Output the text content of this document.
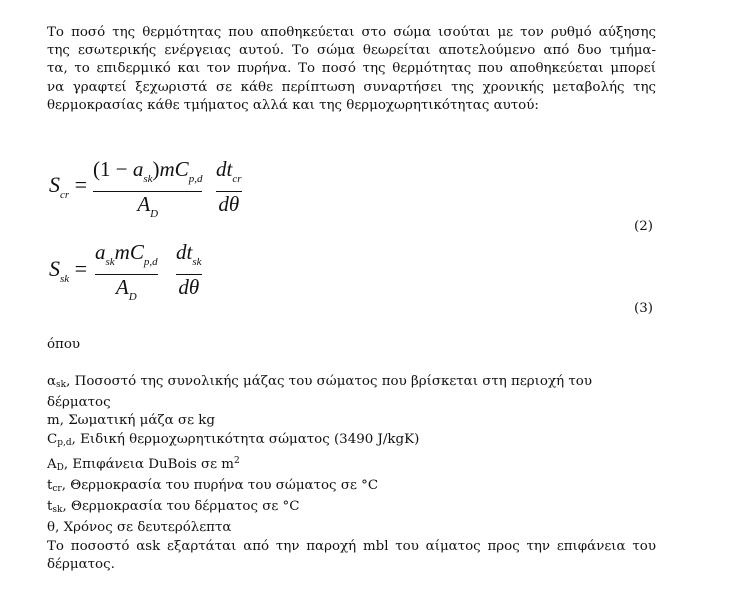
Το ποσό της θερμότητας που αποθηκεύεται στο σώμα ισούται με τον ρυθμό αύξησης
της εσωτερικής ενέργειας αυτού. Το σώμα θεωρείται αποτελούμενο από δυο τμήμα-
τα, το επιδερμικό και τον πυρήνα. Το ποσό της θερμότητας που αποθηκεύεται μπορεί
να γραφτεί ξεχωριστά σε κάθε περίπτωση συναρτήσει της χρονικής μεταβολής της
θερμοκρασίας κάθε τμήματος αλλά και της θερμοχωρητικότητας αυτού:
$S_{cr}$ =
$(1 - a_{sk})mC_{p,d}$
$A_D$
$dt_{cr}$
dθ
(2)
$S_{sk}$ =
$a_{sk}mC_{p,d}$
$A_D$
$dt_{sk}$
dθ
(3)
όπου
αsk, Ποσοστό της συνολικής μάζας του σώματος που βρίσκεται στη περιοχή του
δέρματος
m, Σωματική μάζα σε kg
Cp,d, Ειδική θερμοχωρητικότητα σώματος (3490 J/kgK)
AD, Επιφάνεια DuBois σε $m^2$
tcr, Θερμοκρασία του πυρήνα του σώματος σε °C
tsk, Θερμοκρασία του δέρματος σε °C
θ, Χρόνος σε δευτερόλεπτα
Το ποσοστό αsk εξαρτάται από την παροχή mbl του αίματος προς την επιφάνεια του
δέρματος.
